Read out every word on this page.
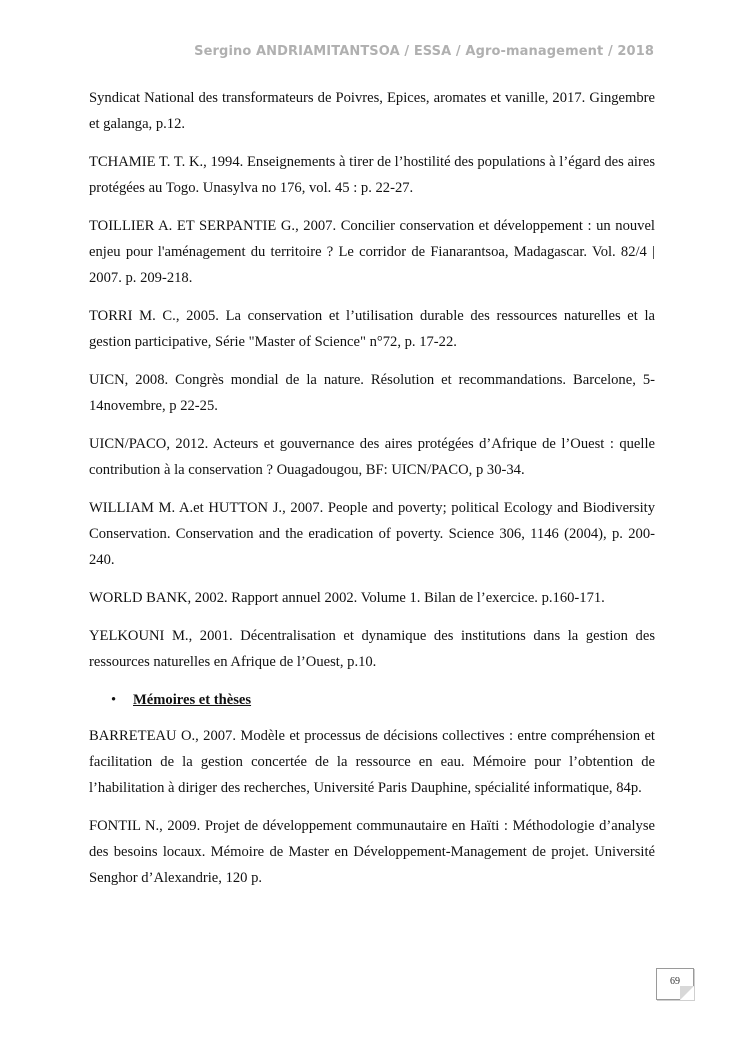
Sergino ANDRIAMITANTSOA / ESSA / Agro-management / 2018

Syndicat National des transformateurs de Poivres, Epices, aromates et vanille, 2017. Gingembre et galanga, p.12.

TCHAMIE T. T. K., 1994. Enseignements à tirer de l’hostilité des populations à l’égard des aires protégées au Togo. Unasylva no 176, vol. 45 : p. 22-27.

TOILLIER A. ET SERPANTIE G., 2007. Concilier conservation et développement : un nouvel enjeu pour l'aménagement du territoire ? Le corridor de Fianarantsoa, Madagascar. Vol. 82/4 | 2007. p. 209-218.

TORRI M. C., 2005. La conservation et l’utilisation durable des ressources naturelles et la gestion participative, Série "Master of Science" n°72, p. 17-22.

UICN, 2008. Congrès mondial de la nature. Résolution et recommandations. Barcelone, 5-14novembre, p 22-25.

UICN/PACO, 2012. Acteurs et gouvernance des aires protégées d’Afrique de l’Ouest : quelle contribution à la conservation ? Ouagadougou, BF: UICN/PACO, p 30-34.

WILLIAM M. A.et HUTTON J., 2007. People and poverty; political Ecology and Biodiversity Conservation. Conservation and the eradication of poverty. Science 306, 1146 (2004), p. 200-240.

WORLD BANK, 2002. Rapport annuel 2002. Volume 1. Bilan de l’exercice. p.160-171.

YELKOUNI M., 2001. Décentralisation et dynamique des institutions dans la gestion des ressources naturelles en Afrique de l’Ouest, p.10.

• Mémoires et thèses

BARRETEAU O., 2007. Modèle et processus de décisions collectives : entre compréhension et facilitation de la gestion concertée de la ressource en eau. Mémoire pour l’obtention de l’habilitation à diriger des recherches, Université Paris Dauphine, spécialité informatique, 84p.

FONTIL N., 2009. Projet de développement communautaire en Haïti : Méthodologie d’analyse des besoins locaux. Mémoire de Master en Développement-Management de projet. Université Senghor d’Alexandrie, 120 p.

69
